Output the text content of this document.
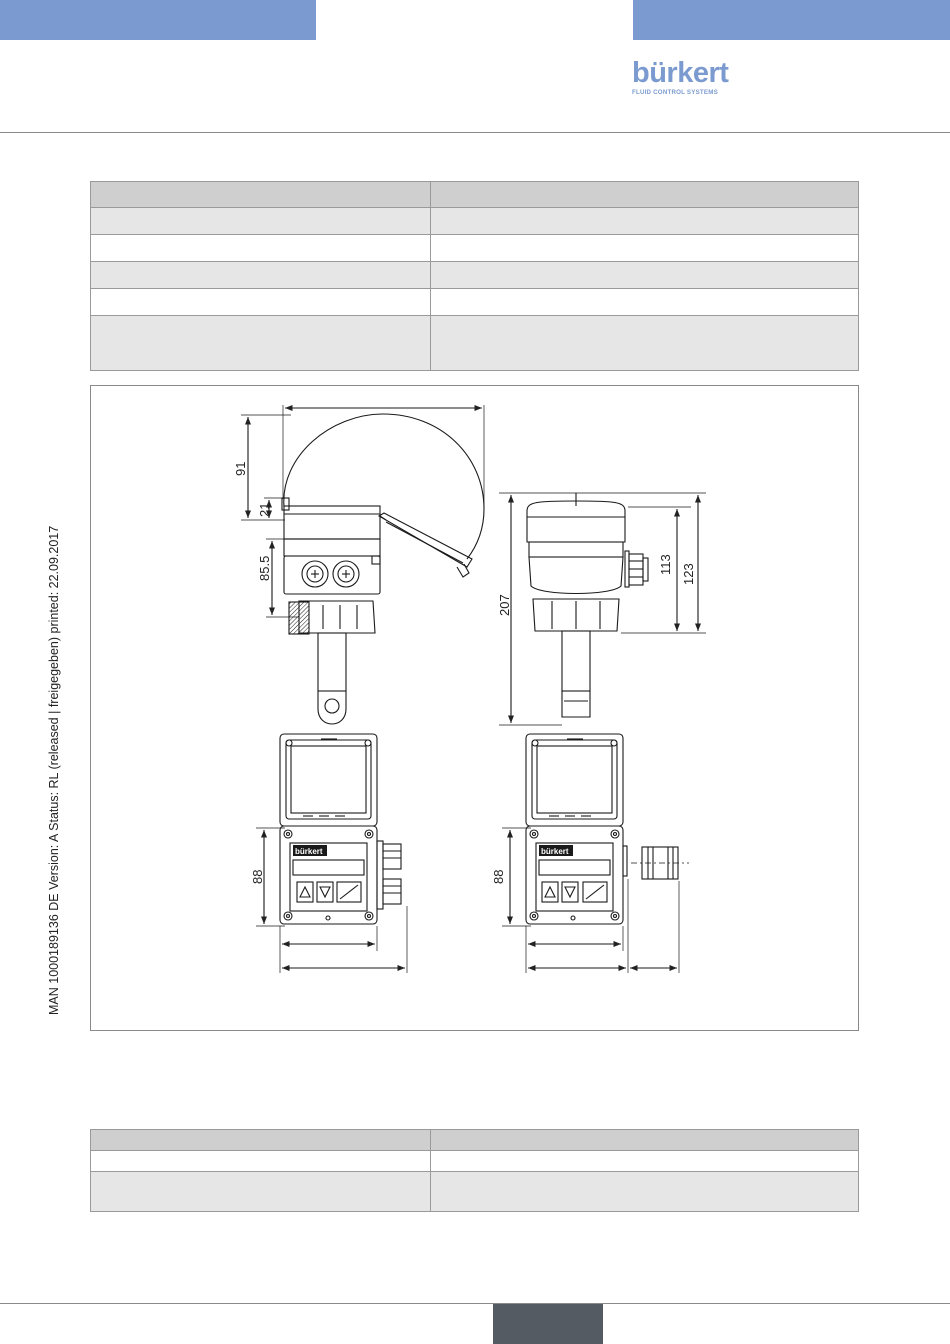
bürkert
FLUID CONTROL SYSTEMS
MAN 1000189136 DE Version: A Status: RL (released | freigegeben) printed: 22.09.2017

		bürkert	bürkert
91
21
85.5
207
113 123
88	88
